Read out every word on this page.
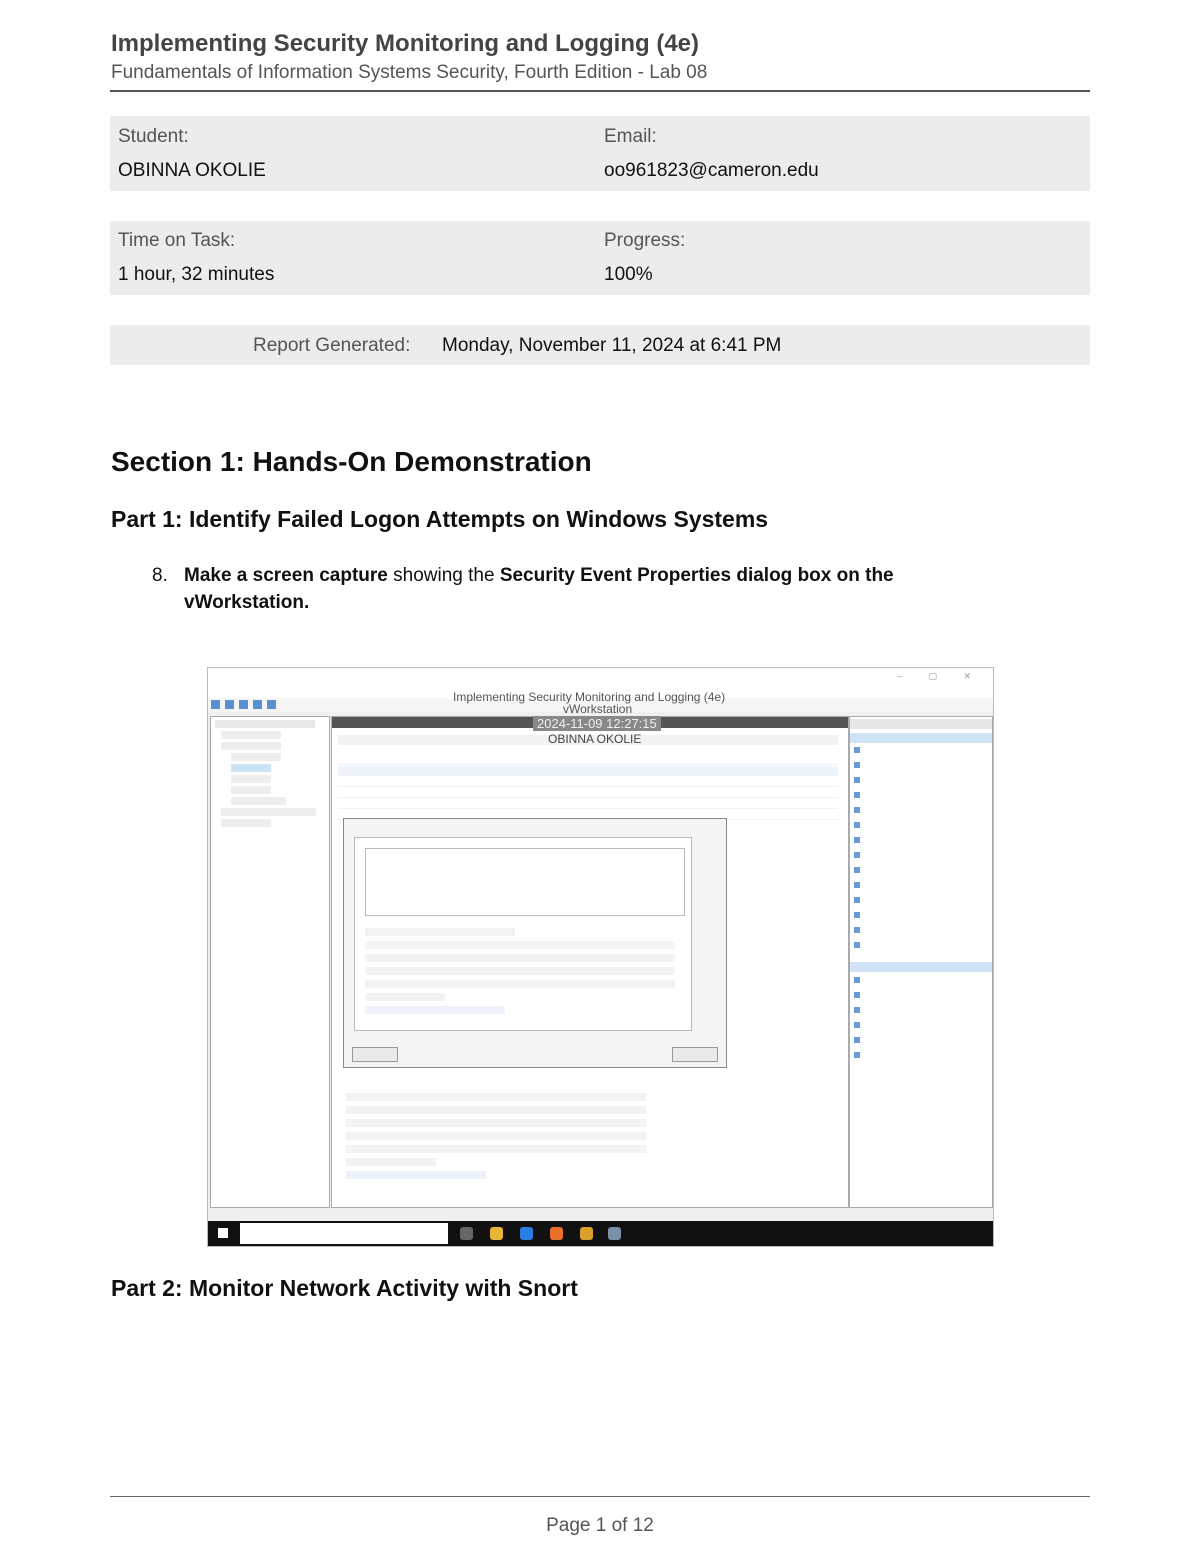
Implementing Security Monitoring and Logging (4e)
Fundamentals of Information Systems Security, Fourth Edition - Lab 08
Student:
OBINNA OKOLIE
Email:
oo961823@cameron.edu
Time on Task:
1 hour, 32 minutes
Progress:
100%
Report Generated: Monday, November 11, 2024 at 6:41 PM
Section 1: Hands-On Demonstration
Part 1: Identify Failed Logon Attempts on Windows Systems
8. Make a screen capture showing the Security Event Properties dialog box on the vWorkstation.
– ▢ ✕
Implementing Security Monitoring and Logging (4e)
vWorkstation
2024-11-09 12:27:15
OBINNA OKOLIE
Part 2: Monitor Network Activity with Snort
Page 1 of 12
